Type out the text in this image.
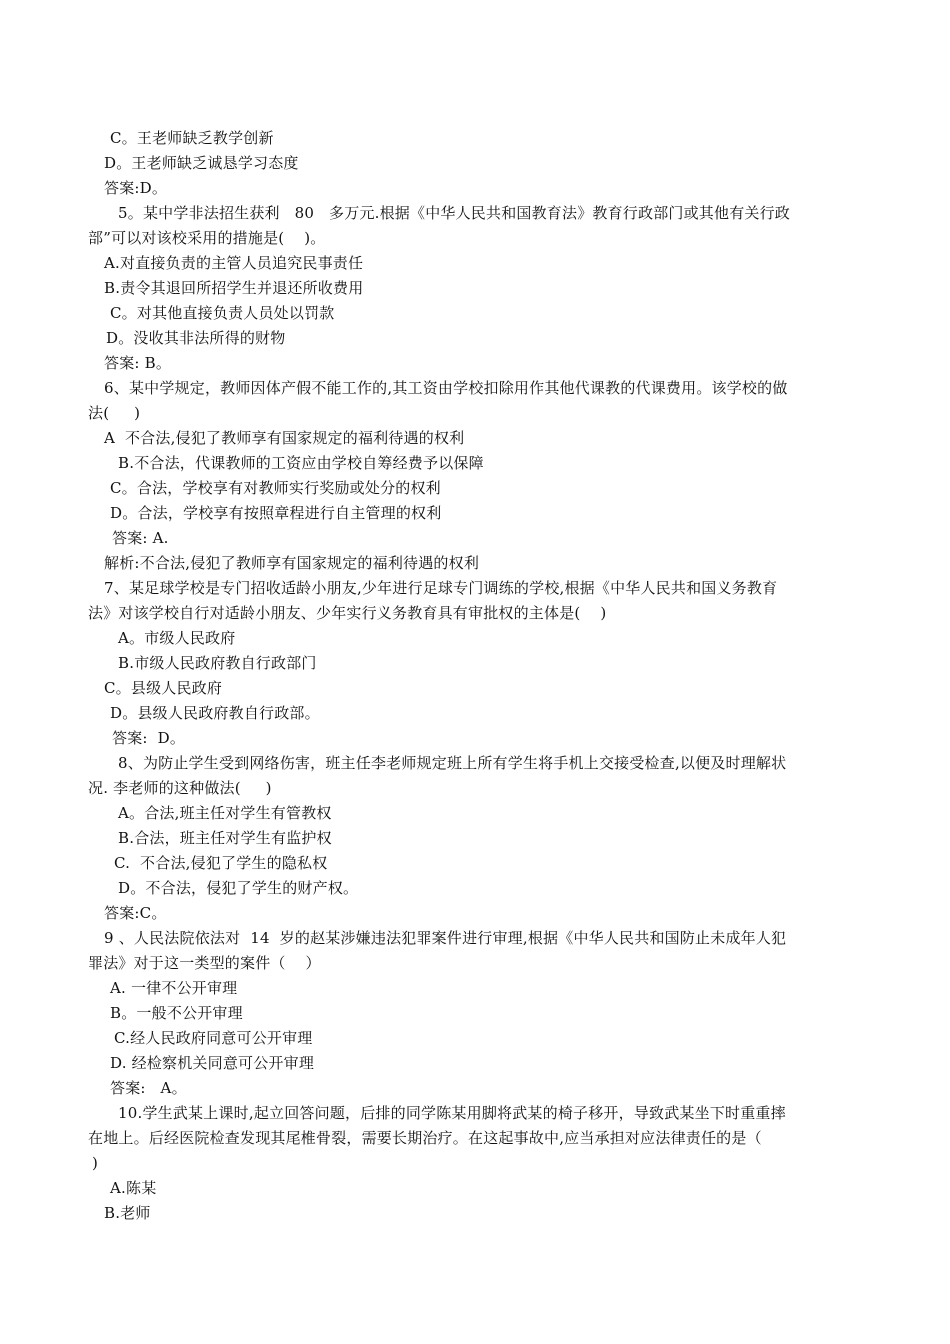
C。王老师缺乏教学创新
D。王老师缺乏诚恳学习态度
答案:D。
5。某中学非法招生获利   80   多万元.根据《中华人民共和国教育法》教育行政部门或其他有关行政
部”可以对该校采用的措施是(    )。
A.对直接负责的主管人员追究民事责任
B.责令其退回所招学生并退还所收费用
C。对其他直接负责人员处以罚款
D。没收其非法所得的财物
答案: B。
6、某中学规定，教师因体产假不能工作的,其工资由学校扣除用作其他代课教的代课费用。该学校的做
法(     )
A  不合法,侵犯了教师享有国家规定的福利待遇的权利
B.不合法，代课教师的工资应由学校自筹经费予以保障
C。合法，学校享有对教师实行奖励或处分的权利
D。合法，学校享有按照章程进行自主管理的权利
答案: A.
解析:不合法,侵犯了教师享有国家规定的福利待遇的权利
7、某足球学校是专门招收适龄小朋友,少年进行足球专门调练的学校,根据《中华人民共和国义务教育
法》对该学校自行对适龄小朋友、少年实行义务教育具有审批权的主体是(    )
A。市级人民政府
B.市级人民政府教自行政部门
C。县级人民政府
D。县级人民政府教自行政部。
答案:  D。
8、为防止学生受到网络伤害，班主任李老师规定班上所有学生将手机上交接受检查,以便及时理解状
况. 李老师的这种做法(     )
A。合法,班主任对学生有管教权
B.合法，班主任对学生有监护权
C.  不合法,侵犯了学生的隐私权
D。不合法，侵犯了学生的财产权。
答案:C。
9 、人民法院依法对  14  岁的赵某涉嫌违法犯罪案件进行审理,根据《中华人民共和国防止未成年人犯
罪法》对于这一类型的案件（    ）
A. 一律不公开审理
B。一般不公开审理
C.经人民政府同意可公开审理
D. 经检察机关同意可公开审理
答案:   A。
10.学生武某上课时,起立回答问题，后排的同学陈某用脚将武某的椅子移开，导致武某坐下时重重摔
在地上。后经医院检查发现其尾椎骨裂，需要长期治疗。在这起事故中,应当承担对应法律责任的是（
)
A.陈某
B.老师
